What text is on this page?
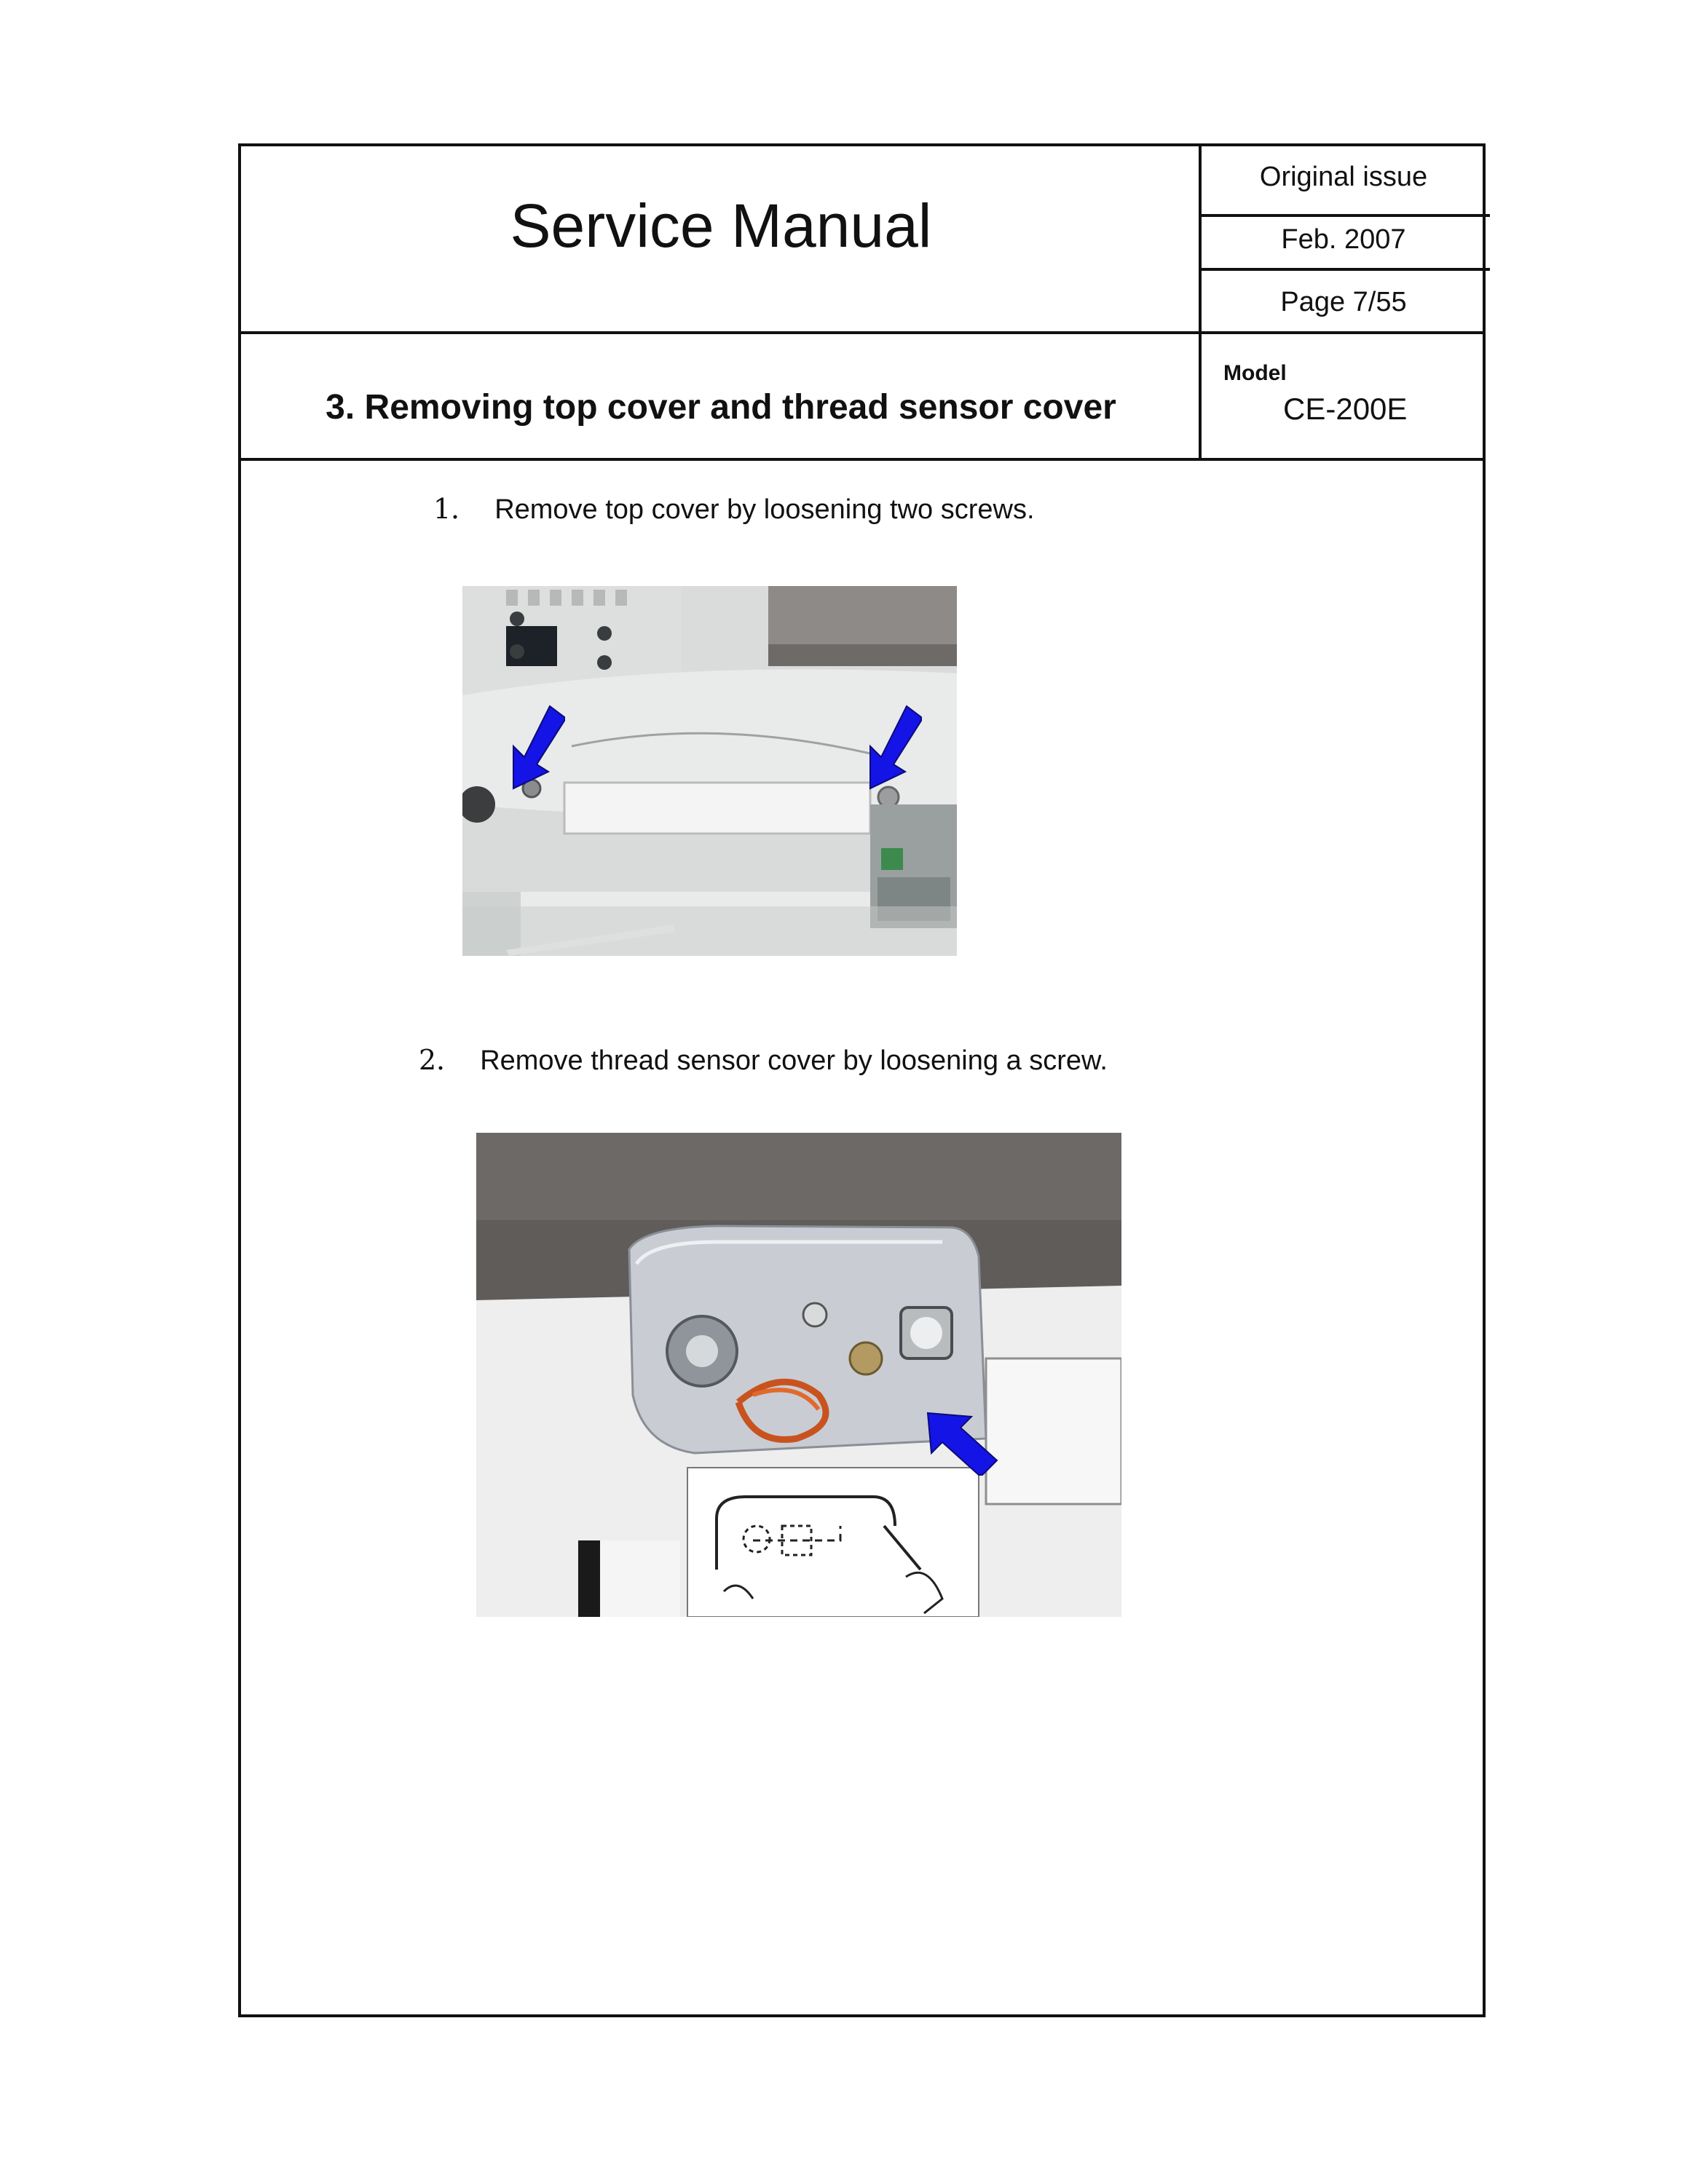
Service Manual
Original issue
Feb. 2007
Page 7/55
Model
CE-200E
3. Removing top cover and thread sensor cover
1． Remove top cover by loosening two screws.
2． Remove thread sensor cover by loosening a screw.
